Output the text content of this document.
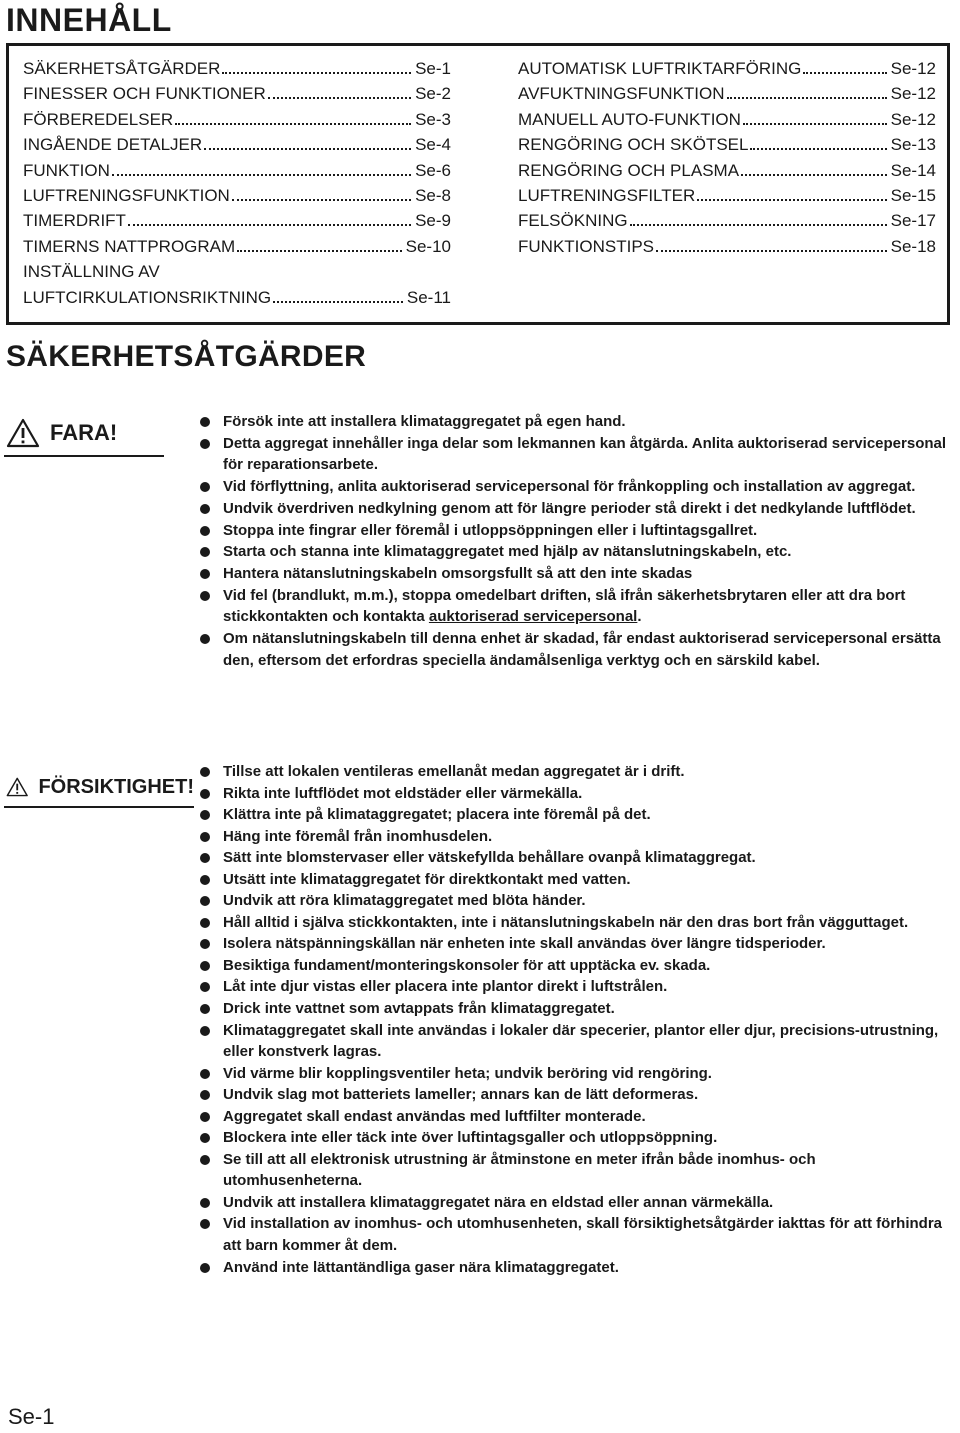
INNEHÅLL
SÄKERHETSÅTGÄRDER	Se-1
FINESSER OCH FUNKTIONER	Se-2
FÖRBEREDELSER	Se-3
INGÅENDE DETALJER	Se-4
FUNKTION	Se-6
LUFTRENINGSFUNKTION	Se-8
TIMERDRIFT	Se-9
TIMERNS NATTPROGRAM	Se-10
INSTÄLLNING AV
LUFTCIRKULATIONSRIKTNING	Se-11
AUTOMATISK LUFTRIKTARFÖRING	Se-12
AVFUKTNINGSFUNKTION	Se-12
MANUELL AUTO-FUNKTION	Se-12
RENGÖRING OCH SKÖTSEL	Se-13
RENGÖRING OCH PLASMA	Se-14
LUFTRENINGSFILTER	Se-15
FELSÖKNING	Se-17
FUNKTIONSTIPS	Se-18
SÄKERHETSÅTGÄRDER
FARA!	Försök inte att installera klimataggregatet på egen hand.
Detta aggregat innehåller inga delar som lekmannen kan åtgärda. Anlita auktoriserad servicepersonal för reparationsarbete.
Vid förflyttning, anlita auktoriserad servicepersonal för frånkoppling och installation av aggregat.
Undvik överdriven nedkylning genom att för längre perioder stå direkt i det nedkylande luftflödet.
Stoppa inte fingrar eller föremål i utloppsöppningen eller i luftintagsgallret.
Starta och stanna inte klimataggregatet med hjälp av nätanslutningskabeln, etc.
Hantera nätanslutningskabeln omsorgsfullt så att den inte skadas
Vid fel (brandlukt, m.m.), stoppa omedelbart driften, slå ifrån säkerhetsbrytaren eller att dra bort stickkontakten och kontakta auktoriserad servicepersonal.
Om nätanslutningskabeln till denna enhet är skadad, får endast auktoriserad servicepersonal ersätta den, eftersom det erfordras speciella ändamålsenliga verktyg och en särskild kabel.
FÖRSIKTIGHET!
Tillse att lokalen ventileras emellanåt medan aggregatet är i drift.
Rikta inte luftflödet mot eldstäder eller värmekälla.
Klättra inte på klimataggregatet; placera inte föremål på det.
Häng inte föremål från inomhusdelen.
Sätt inte blomstervaser eller vätskefyllda behållare ovanpå klimataggregat.
Utsätt inte klimataggregatet för direktkontakt med vatten.
Undvik att röra klimataggregatet med blöta händer.
Håll alltid i själva stickkontakten, inte i nätanslutningskabeln när den dras bort från vägguttaget.
Isolera nätspänningskällan när enheten inte skall användas över längre tidsperioder.
Besiktiga fundament/monteringskonsoler för att upptäcka ev. skada.
Låt inte djur vistas eller placera inte plantor direkt i luftstrålen.
Drick inte vattnet som avtappats från klimataggregatet.
Klimataggregatet skall inte användas i lokaler där specerier, plantor eller djur, precisions-utrustning, eller konstverk lagras.
Vid värme blir kopplingsventiler heta; undvik beröring vid rengöring.
Undvik slag mot batteriets lameller; annars kan de lätt deformeras.
Aggregatet skall endast användas med luftfilter monterade.
Blockera inte eller täck inte över luftintagsgaller och utloppsöppning.
Se till att all elektronisk utrustning är åtminstone en meter ifrån både inomhus- och utomhusenheterna.
Undvik att installera klimataggregatet nära en eldstad eller annan värmekälla.
Vid installation av inomhus- och utomhusenheten, skall försiktighetsåtgärder iakttas för att förhindra att barn kommer åt dem.
Använd inte lättantändliga gaser nära klimataggregatet.
Se-1
